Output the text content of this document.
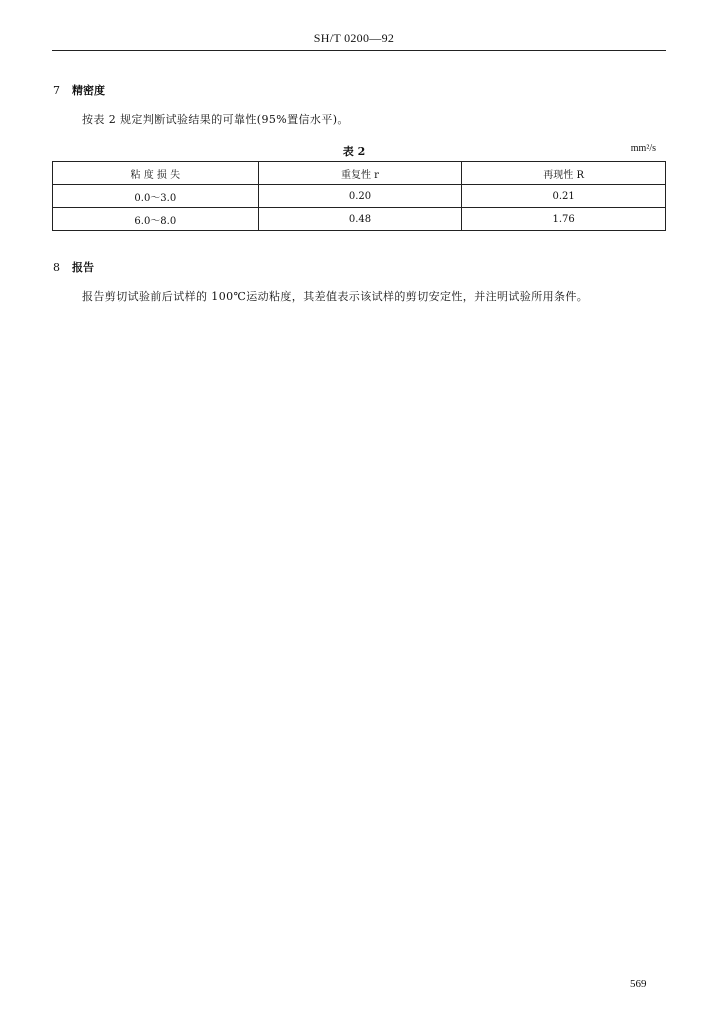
SH/T 0200—92
7 精密度
按表 2 规定判断试验结果的可靠性(95%置信水平)。
表 2	mm²/s
粘 度 损 失	重复性 r	再现性 R
0.0～3.0	0.20	0.21
6.0～8.0	0.48	1.76
8 报告
报告剪切试验前后试样的 100℃运动粘度，其差值表示该试样的剪切安定性，并注明试验所用条件。
569
